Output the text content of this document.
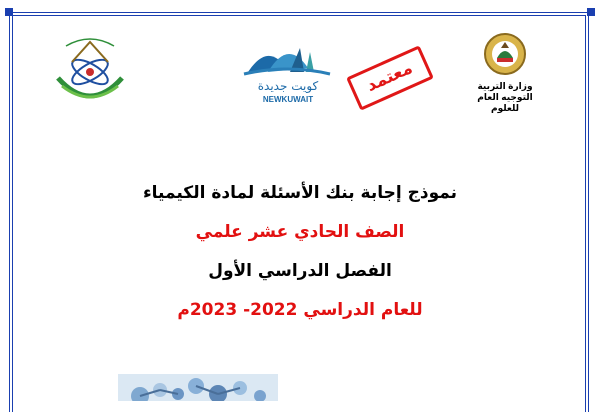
وزارة التربية
التوجيه العام للعلوم
معتمد
كويت جديدة
NEWKUWAIT
نموذج إجابة بنك الأسئلة لمادة الكيمياء
الصف الحادي عشر علمي
الفصل الدراسي الأول
للعام الدراسي 2022- 2023م
